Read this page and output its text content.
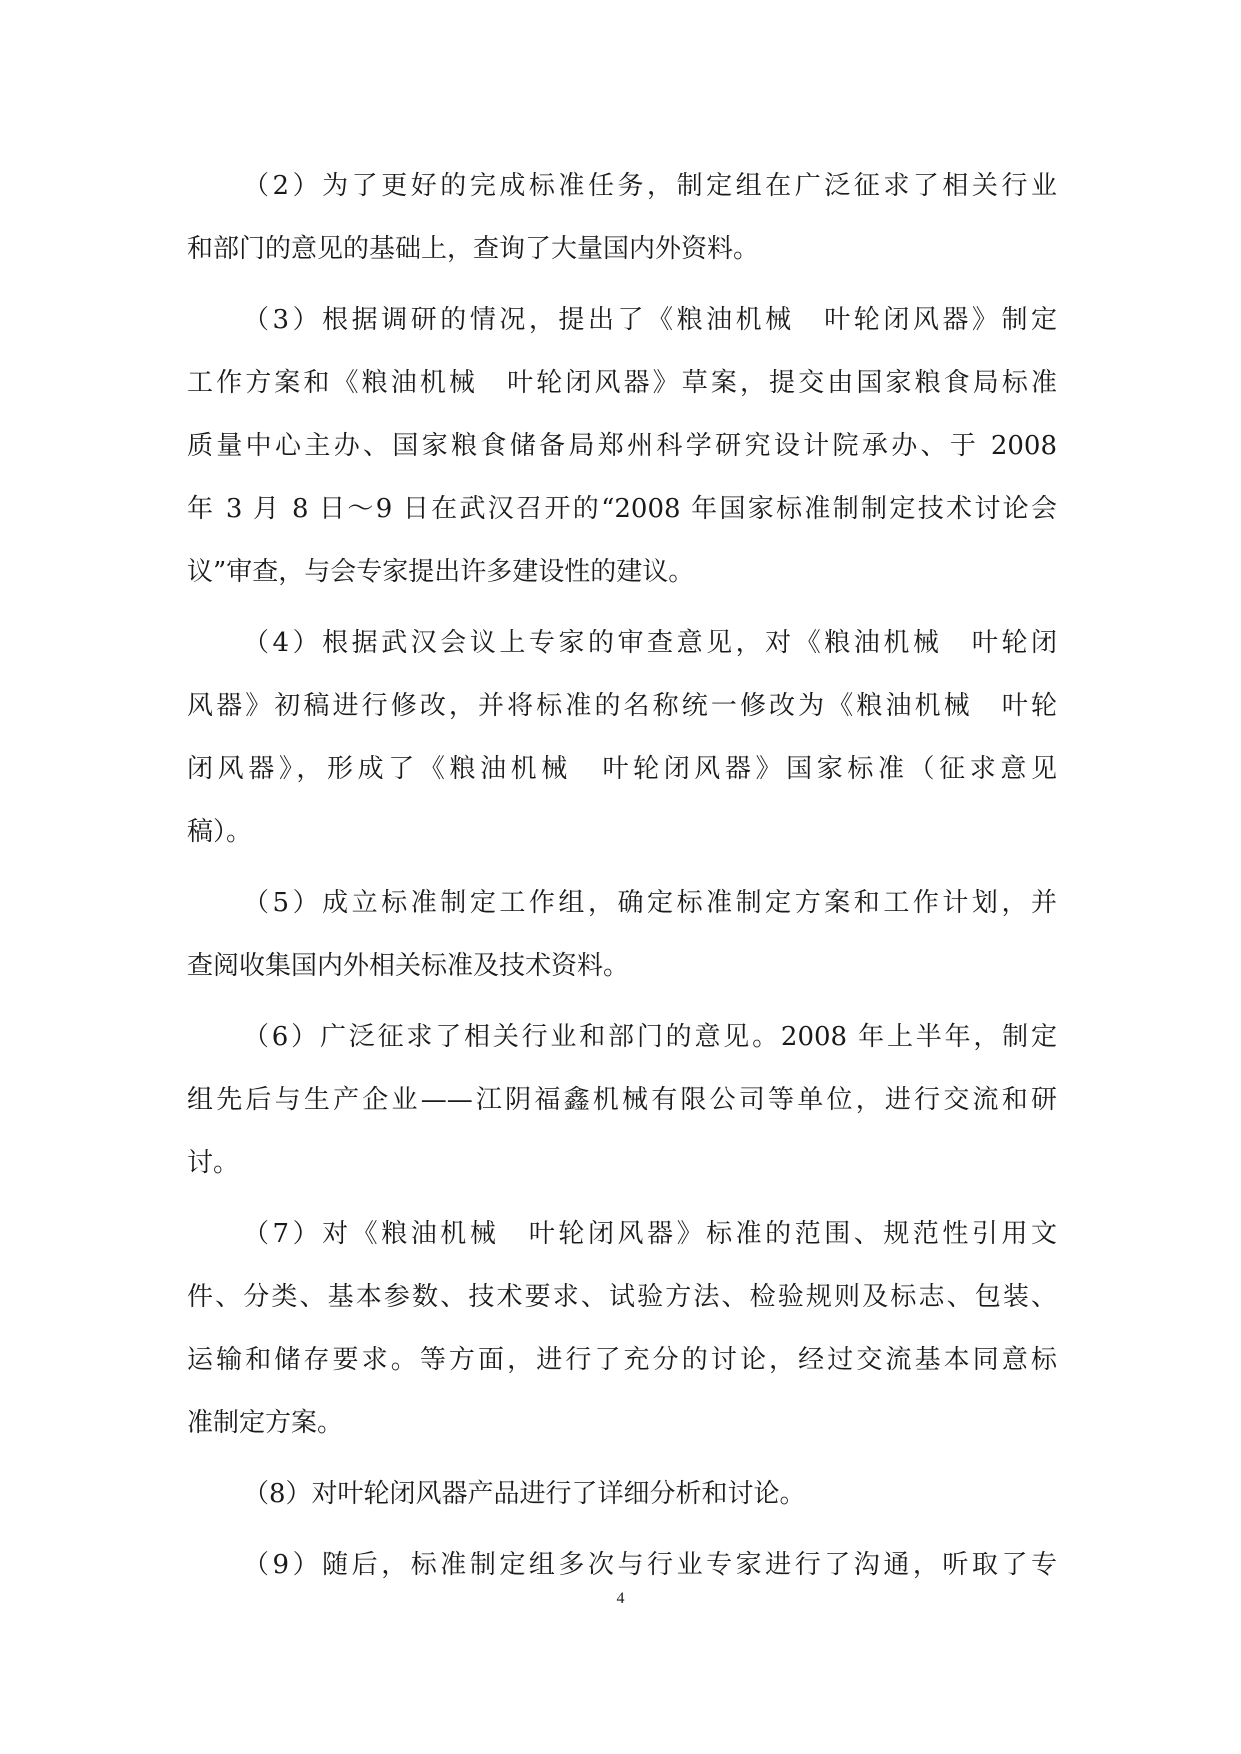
（2）为了更好的完成标准任务，制定组在广泛征求了相关行业
和部门的意见的基础上，查询了大量国内外资料。
（3）根据调研的情况，提出了《粮油机械　叶轮闭风器》制定
工作方案和《粮油机械　叶轮闭风器》草案，提交由国家粮食局标准
质量中心主办、国家粮食储备局郑州科学研究设计院承办、于 2008
年 3 月 8 日～9 日在武汉召开的“2008 年国家标准制制定技术讨论会
议”审查，与会专家提出许多建设性的建议。
（4）根据武汉会议上专家的审查意见，对《粮油机械　叶轮闭
风器》初稿进行修改，并将标准的名称统一修改为《粮油机械　叶轮
闭风器》，形成了《粮油机械　叶轮闭风器》国家标准（征求意见
稿）。
（5）成立标准制定工作组，确定标准制定方案和工作计划，并
查阅收集国内外相关标准及技术资料。
（6）广泛征求了相关行业和部门的意见。2008 年上半年，制定
组先后与生产企业——江阴福鑫机械有限公司等单位，进行交流和研
讨。
（7）对《粮油机械　叶轮闭风器》标准的范围、规范性引用文
件、分类、基本参数、技术要求、试验方法、检验规则及标志、包装、
运输和储存要求。等方面，进行了充分的讨论，经过交流基本同意标
准制定方案。
（8）对叶轮闭风器产品进行了详细分析和讨论。
（9）随后，标准制定组多次与行业专家进行了沟通，听取了专
4
